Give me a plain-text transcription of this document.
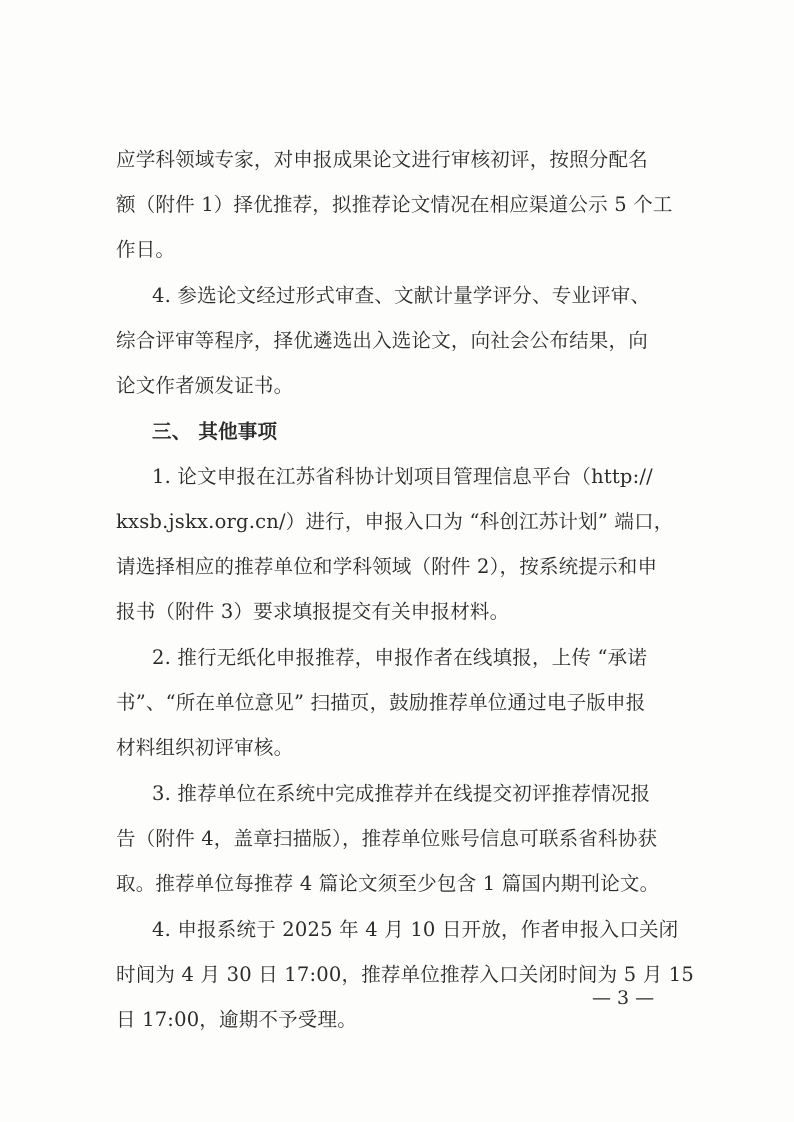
应学科领域专家，对申报成果论文进行审核初评，按照分配名
额（附件 1）择优推荐，拟推荐论文情况在相应渠道公示 5 个工
作日。
4. 参选论文经过形式审查、文献计量学评分、专业评审、
综合评审等程序，择优遴选出入选论文，向社会公布结果，向
论文作者颁发证书。
三、 其他事项
1. 论文申报在江苏省科协计划项目管理信息平台（http://
kxsb.jskx.org.cn/）进行，申报入口为 “科创江苏计划” 端口，
请选择相应的推荐单位和学科领域（附件 2），按系统提示和申
报书（附件 3）要求填报提交有关申报材料。
2. 推行无纸化申报推荐，申报作者在线填报，上传 “承诺
书”、“所在单位意见” 扫描页，鼓励推荐单位通过电子版申报
材料组织初评审核。
3. 推荐单位在系统中完成推荐并在线提交初评推荐情况报
告（附件 4，盖章扫描版），推荐单位账号信息可联系省科协获
取。推荐单位每推荐 4 篇论文须至少包含 1 篇国内期刊论文。
4. 申报系统于 2025 年 4 月 10 日开放，作者申报入口关闭
时间为 4 月 30 日 17:00，推荐单位推荐入口关闭时间为 5 月 15
日 17:00，逾期不予受理。
— 3 —
